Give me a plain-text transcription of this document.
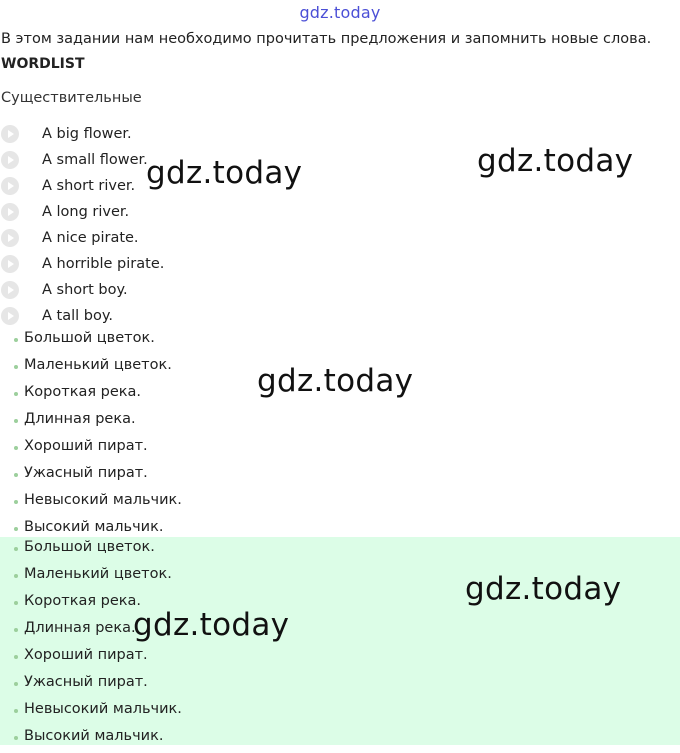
gdz.today
В этом задании нам необходимо прочитать предложения и запомнить новые слова.
WORDLIST
Существительные
A big flower.
A small flower.
A short river.
A long river.
A nice pirate.
A horrible pirate.
A short boy.
A tall boy.
Большой цветок.
Маленький цветок.
Короткая река.
Длинная река.
Хороший пират.
Ужасный пират.
Невысокий мальчик.
Высокий мальчик.
Большой цветок.
Маленький цветок.
Короткая река.
Длинная река.
Хороший пират.
Ужасный пират.
Невысокий мальчик.
Высокий мальчик.
gdz.today	gdz.today
gdz.today
gdz.today
gdz.today
